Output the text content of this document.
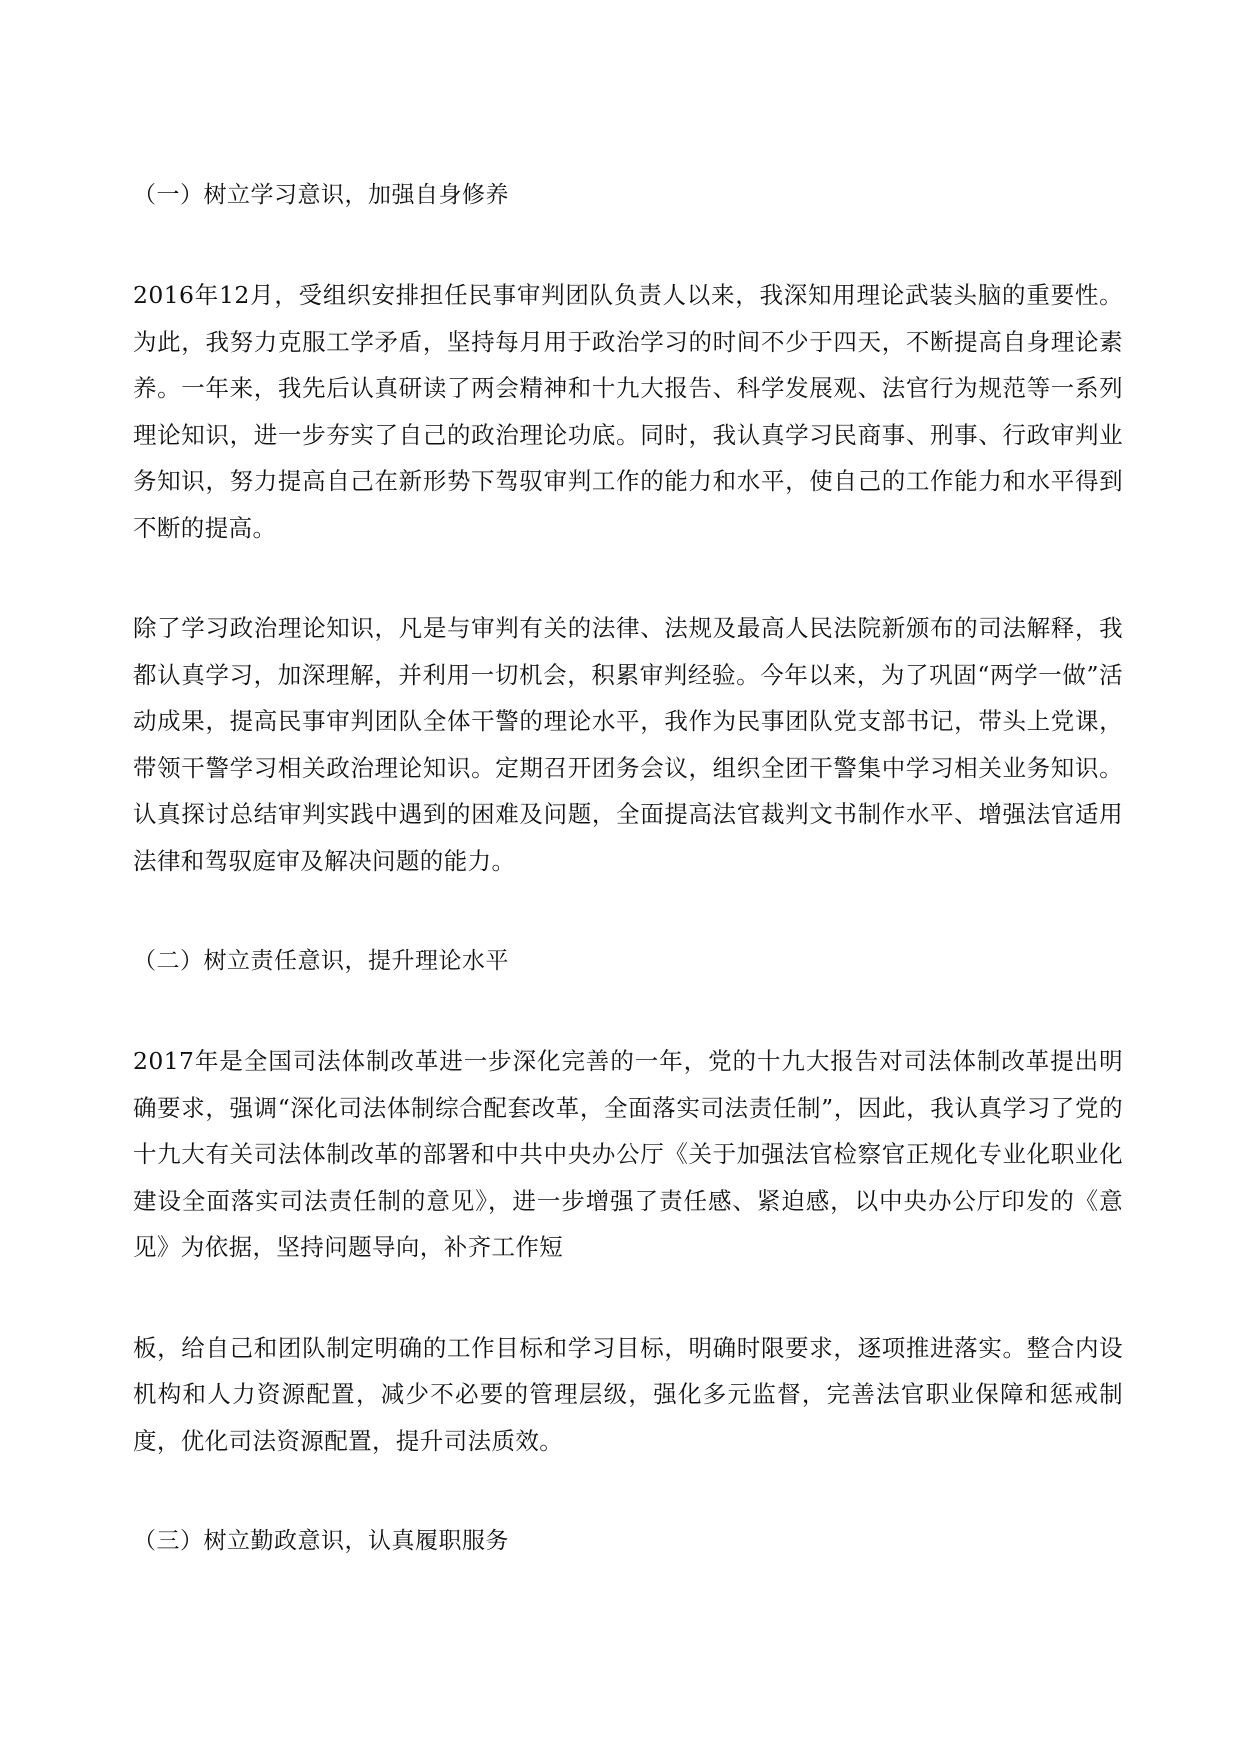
（一）树立学习意识，加强自身修养

2016年12月，受组织安排担任民事审判团队负责人以来，我深知用理论武装头脑的重要性。为此，我努力克服工学矛盾，坚持每月用于政治学习的时间不少于四天，不断提高自身理论素养。一年来，我先后认真研读了两会精神和十九大报告、科学发展观、法官行为规范等一系列理论知识，进一步夯实了自己的政治理论功底。同时，我认真学习民商事、刑事、行政审判业务知识，努力提高自己在新形势下驾驭审判工作的能力和水平，使自己的工作能力和水平得到不断的提高。

除了学习政治理论知识，凡是与审判有关的法律、法规及最高人民法院新颁布的司法解释，我都认真学习，加深理解，并利用一切机会，积累审判经验。今年以来，为了巩固“两学一做”活动成果，提高民事审判团队全体干警的理论水平，我作为民事团队党支部书记，带头上党课，带领干警学习相关政治理论知识。定期召开团务会议，组织全团干警集中学习相关业务知识。认真探讨总结审判实践中遇到的困难及问题，全面提高法官裁判文书制作水平、增强法官适用法律和驾驭庭审及解决问题的能力。

（二）树立责任意识，提升理论水平

2017年是全国司法体制改革进一步深化完善的一年，党的十九大报告对司法体制改革提出明确要求，强调“深化司法体制综合配套改革，全面落实司法责任制”，因此，我认真学习了党的十九大有关司法体制改革的部署和中共中央办公厅《关于加强法官检察官正规化专业化职业化建设全面落实司法责任制的意见》，进一步增强了责任感、紧迫感，以中央办公厅印发的《意见》为依据，坚持问题导向，补齐工作短

板，给自己和团队制定明确的工作目标和学习目标，明确时限要求，逐项推进落实。整合内设机构和人力资源配置，减少不必要的管理层级，强化多元监督，完善法官职业保障和惩戒制度，优化司法资源配置，提升司法质效。

（三）树立勤政意识，认真履职服务
